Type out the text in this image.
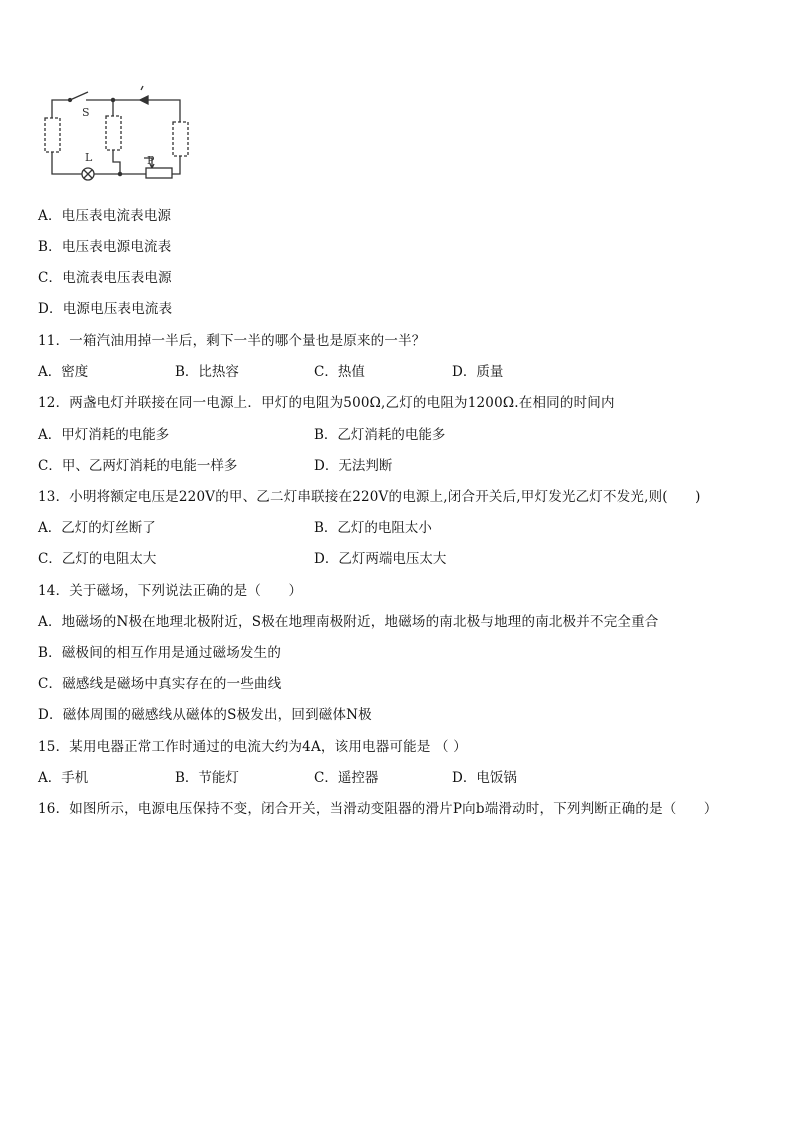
S
L	P
A．电压表电流表电源
B．电压表电源电流表
C．电流表电压表电源
D．电源电压表电流表
11．一箱汽油用掉一半后，剩下一半的哪个量也是原来的一半？
A．密度	B．比热容	C．热值	D．质量
12．两盏电灯并联接在同一电源上．甲灯的电阻为500Ω,乙灯的电阻为1200Ω.在相同的时间内
A．甲灯消耗的电能多	B．乙灯消耗的电能多
C．甲、乙两灯消耗的电能一样多	D．无法判断
13．小明将额定电压是220V的甲、乙二灯串联接在220V的电源上,闭合开关后,甲灯发光乙灯不发光,则(　　)
A．乙灯的灯丝断了	B．乙灯的电阻太小
C．乙灯的电阻太大	D．乙灯两端电压太大
14．关于磁场，下列说法正确的是（　　）
A．地磁场的N极在地理北极附近，S极在地理南极附近，地磁场的南北极与地理的南北极并不完全重合
B．磁极间的相互作用是通过磁场发生的
C．磁感线是磁场中真实存在的一些曲线
D．磁体周围的磁感线从磁体的S极发出，回到磁体N极
15．某用电器正常工作时通过的电流大约为4A，该用电器可能是 （ ）
A．手机	B．节能灯	C．遥控器	D．电饭锅
16．如图所示，电源电压保持不变，闭合开关，当滑动变阻器的滑片P向b端滑动时，下列判断正确的是（　　）
